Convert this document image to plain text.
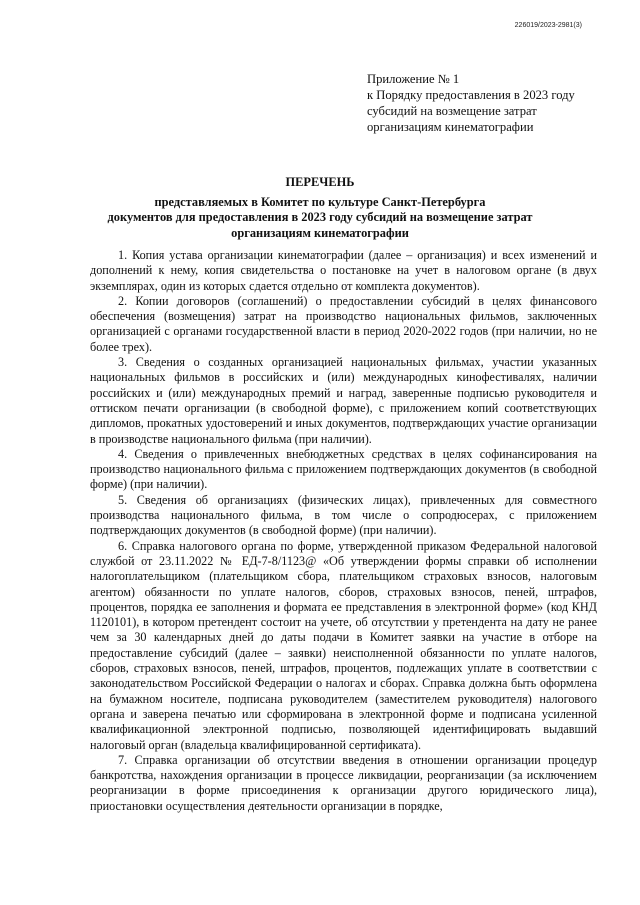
226019/2023-2981(3)
Приложение № 1
к Порядку предоставления в 2023 году
субсидий на возмещение затрат
организациям кинематографии
ПЕРЕЧЕНЬ
представляемых в Комитет по культуре Санкт-Петербурга
документов для предоставления в 2023 году субсидий на возмещение затрат
организациям кинематографии

1. Копия устава организации кинематографии (далее – организация) и всех изменений и дополнений к нему, копия свидетельства о постановке на учет в налоговом органе (в двух экземплярах, один из которых сдается отдельно от комплекта документов).

2. Копии договоров (соглашений) о предоставлении субсидий в целях финансового обеспечения (возмещения) затрат на производство национальных фильмов, заключенных организацией с органами государственной власти в период 2020-2022 годов (при наличии, но не более трех).

3. Сведения о созданных организацией национальных фильмах, участии указанных национальных фильмов в российских и (или) международных кинофестивалях, наличии российских и (или) международных премий и наград, заверенные подписью руководителя и оттиском печати организации (в свободной форме), с приложением копий соответствующих дипломов, прокатных удостоверений и иных документов, подтверждающих участие организации в производстве национального фильма (при наличии).

4. Сведения о привлеченных внебюджетных средствах в целях софинансирования на производство национального фильма с приложением подтверждающих документов (в свободной форме) (при наличии).

5. Сведения об организациях (физических лицах), привлеченных для совместного производства национального фильма, в том числе о сопродюсерах, с приложением подтверждающих документов (в свободной форме) (при наличии).

6. Справка налогового органа по форме, утвержденной приказом Федеральной налоговой службой от 23.11.2022 № ЕД-7-8/1123@ «Об утверждении формы справки об исполнении налогоплательщиком (плательщиком сбора, плательщиком страховых взносов, налоговым агентом) обязанности по уплате налогов, сборов, страховых взносов, пеней, штрафов, процентов, порядка ее заполнения и формата ее представления в электронной форме» (код КНД 1120101), в котором претендент состоит на учете, об отсутствии у претендента на дату не ранее чем за 30 календарных дней до даты подачи в Комитет заявки на участие в отборе на предоставление субсидий (далее – заявки) неисполненной обязанности по уплате налогов, сборов, страховых взносов, пеней, штрафов, процентов, подлежащих уплате в соответствии с законодательством Российской Федерации о налогах и сборах. Справка должна быть оформлена на бумажном носителе, подписана руководителем (заместителем руководителя) налогового органа и заверена печатью или сформирована в электронной форме и подписана усиленной квалификационной электронной подписью, позволяющей идентифицировать выдавший налоговый орган (владельца квалифицированной сертификата).

7. Справка организации об отсутствии введения в отношении организации процедур банкротства, нахождения организации в процессе ликвидации, реорганизации (за исключением реорганизации в форме присоединения к организации другого юридического лица), приостановки осуществления деятельности организации в порядке,
